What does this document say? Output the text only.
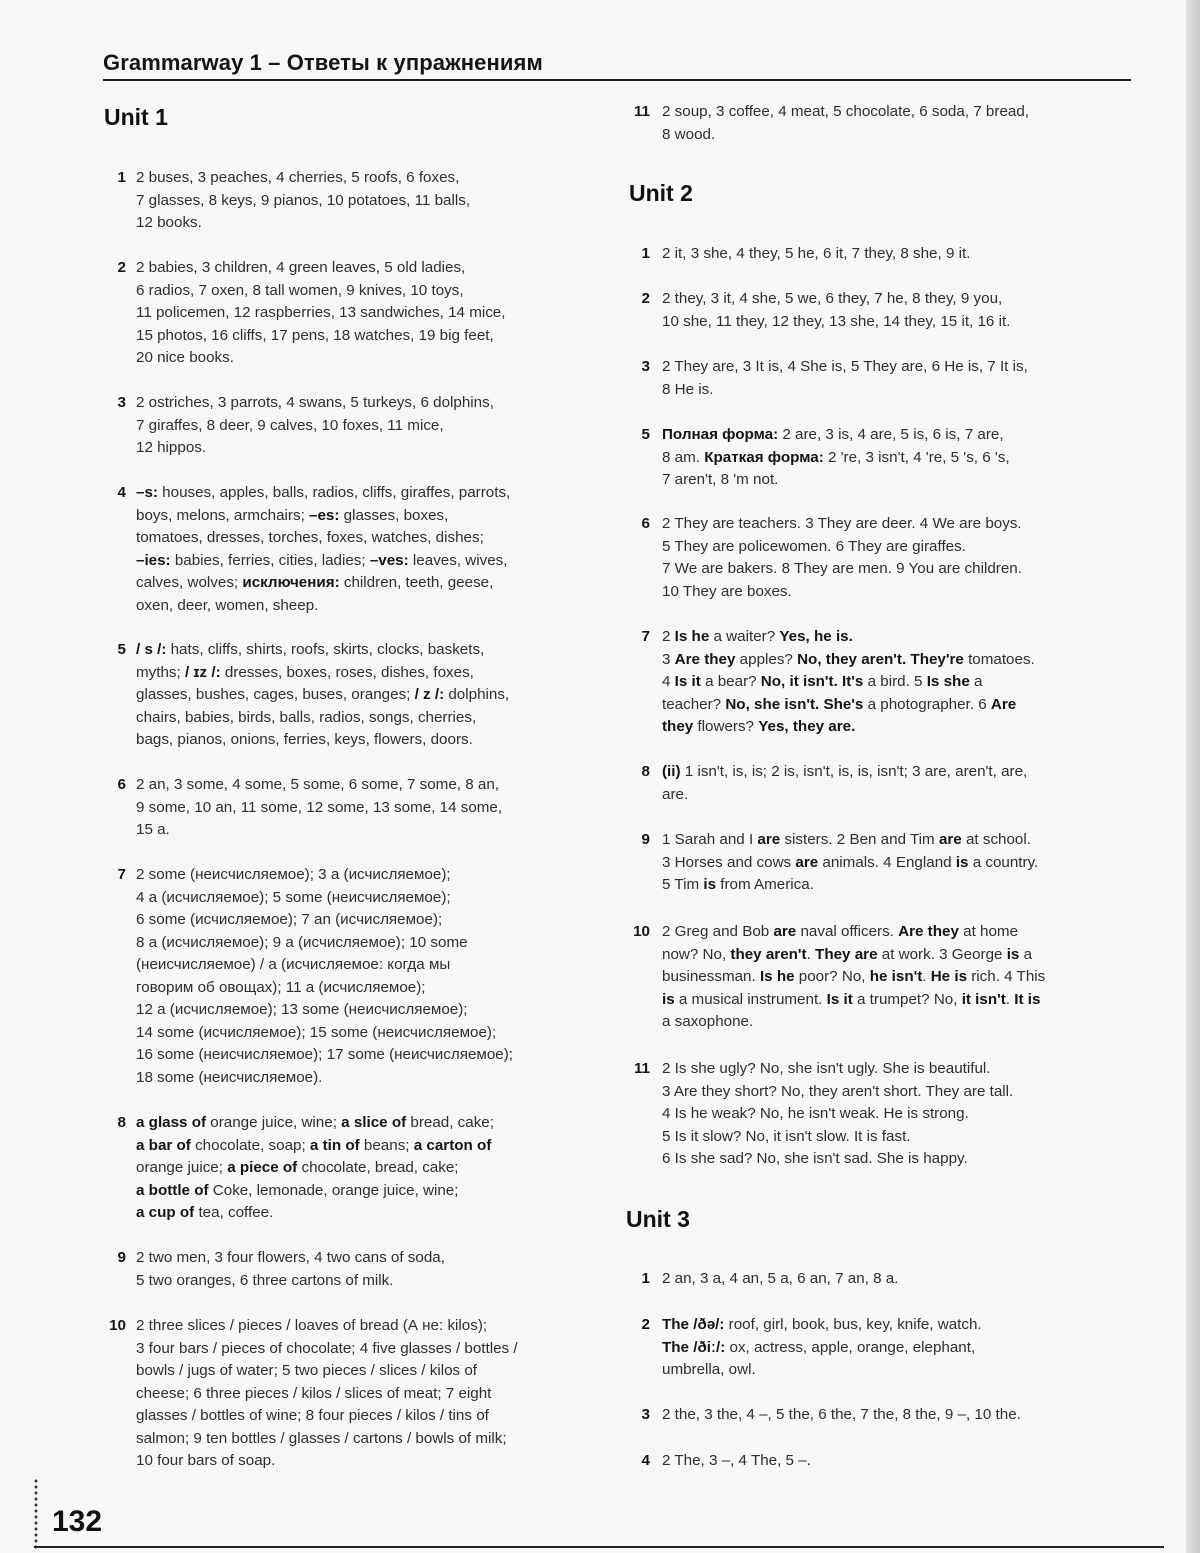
Grammarway 1 – Ответы к упражнениям
Unit 1
1 2 buses, 3 peaches, 4 cherries, 5 roofs, 6 foxes,
7 glasses, 8 keys, 9 pianos, 10 potatoes, 11 balls,
12 books.
2 2 babies, 3 children, 4 green leaves, 5 old ladies,
6 radios, 7 oxen, 8 tall women, 9 knives, 10 toys,
11 policemen, 12 raspberries, 13 sandwiches, 14 mice,
15 photos, 16 cliffs, 17 pens, 18 watches, 19 big feet,
20 nice books.
3 2 ostriches, 3 parrots, 4 swans, 5 turkeys, 6 dolphins,
7 giraffes, 8 deer, 9 calves, 10 foxes, 11 mice,
12 hippos.
4 –s: houses, apples, balls, radios, cliffs, giraffes, parrots,
boys, melons, armchairs; –es: glasses, boxes,
tomatoes, dresses, torches, foxes, watches, dishes;
–ies: babies, ferries, cities, ladies; –ves: leaves, wives,
calves, wolves; исключения: children, teeth, geese,
oxen, deer, women, sheep.
5 / s /: hats, cliffs, shirts, roofs, skirts, clocks, baskets,
myths; / ɪz /: dresses, boxes, roses, dishes, foxes,
glasses, bushes, cages, buses, oranges; / z /: dolphins,
chairs, babies, birds, balls, radios, songs, cherries,
bags, pianos, onions, ferries, keys, flowers, doors.
6 2 an, 3 some, 4 some, 5 some, 6 some, 7 some, 8 an,
9 some, 10 an, 11 some, 12 some, 13 some, 14 some,
15 a.
7 2 some (неисчисляемое); 3 a (исчисляемое);
4 a (исчисляемое); 5 some (неисчисляемое);
6 some (исчисляемое); 7 an (исчисляемое);
8 a (исчисляемое); 9 a (исчисляемое); 10 some
(неисчисляемое) / a (исчисляемое: когда мы
говорим об овощах); 11 a (исчисляемое);
12 a (исчисляемое); 13 some (неисчисляемое);
14 some (исчисляемое); 15 some (неисчисляемое);
16 some (неисчисляемое); 17 some (неисчисляемое);
18 some (неисчисляемое).
8 a glass of orange juice, wine; a slice of bread, cake;
a bar of chocolate, soap; a tin of beans; a carton of
orange juice; a piece of chocolate, bread, cake;
a bottle of Coke, lemonade, orange juice, wine;
a cup of tea, coffee.
9 2 two men, 3 four flowers, 4 two cans of soda,
5 two oranges, 6 three cartons of milk.
10 2 three slices / pieces / loaves of bread (А не: kilos);
3 four bars / pieces of chocolate; 4 five glasses / bottles /
bowls / jugs of water; 5 two pieces / slices / kilos of
cheese; 6 three pieces / kilos / slices of meat; 7 eight
glasses / bottles of wine; 8 four pieces / kilos / tins of
salmon; 9 ten bottles / glasses / cartons / bowls of milk;
10 four bars of soap.
11 2 soup, 3 coffee, 4 meat, 5 chocolate, 6 soda, 7 bread,
8 wood.
Unit 2
1 2 it, 3 she, 4 they, 5 he, 6 it, 7 they, 8 she, 9 it.
2 2 they, 3 it, 4 she, 5 we, 6 they, 7 he, 8 they, 9 you,
10 she, 11 they, 12 they, 13 she, 14 they, 15 it, 16 it.
3 2 They are, 3 It is, 4 She is, 5 They are, 6 He is, 7 It is,
8 He is.
5 Полная форма: 2 are, 3 is, 4 are, 5 is, 6 is, 7 are,
8 am. Краткая форма: 2 're, 3 isn't, 4 're, 5 's, 6 's,
7 aren't, 8 'm not.
6 2 They are teachers. 3 They are deer. 4 We are boys.
5 They are policewomen. 6 They are giraffes.
7 We are bakers. 8 They are men. 9 You are children.
10 They are boxes.
7 2 Is he a waiter? Yes, he is.
3 Are they apples? No, they aren't. They're tomatoes.
4 Is it a bear? No, it isn't. It's a bird. 5 Is she a
teacher? No, she isn't. She's a photographer. 6 Are
they flowers? Yes, they are.
8 (ii) 1 isn't, is, is; 2 is, isn't, is, is, isn't; 3 are, aren't, are,
are.
9 1 Sarah and I are sisters. 2 Ben and Tim are at school.
3 Horses and cows are animals. 4 England is a country.
5 Tim is from America.
10 2 Greg and Bob are naval officers. Are they at home
now? No, they aren't. They are at work. 3 George is a
businessman. Is he poor? No, he isn't. He is rich. 4 This
is a musical instrument. Is it a trumpet? No, it isn't. It is
a saxophone.
11 2 Is she ugly? No, she isn't ugly. She is beautiful.
3 Are they short? No, they aren't short. They are tall.
4 Is he weak? No, he isn't weak. He is strong.
5 Is it slow? No, it isn't slow. It is fast.
6 Is she sad? No, she isn't sad. She is happy.
Unit 3
1 2 an, 3 a, 4 an, 5 a, 6 an, 7 an, 8 a.
2 The /ðə/: roof, girl, book, bus, key, knife, watch.
The /ðiː/: ox, actress, apple, orange, elephant,
umbrella, owl.
3 2 the, 3 the, 4 –, 5 the, 6 the, 7 the, 8 the, 9 –, 10 the.
4 2 The, 3 –, 4 The, 5 –.
132
